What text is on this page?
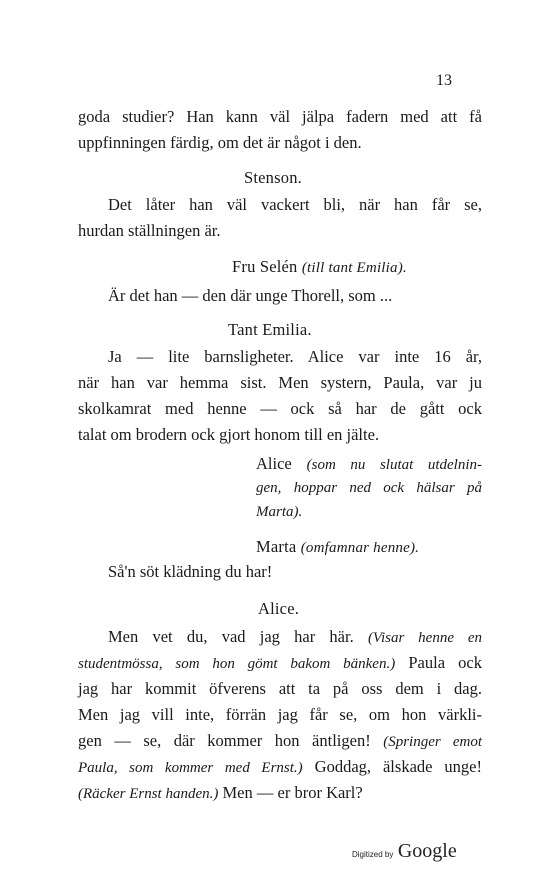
13

goda studier? Han kann väl jälpa fadern med att få

uppfinningen färdig, om det är något i den.

Stenson.

Det låter han väl vackert bli, när han får se,

hurdan ställningen är.

Fru Selén (till tant Emilia).

Är det han — den där unge Thorell, som ...

Tant Emilia.

Ja — lite barnsligheter. Alice var inte 16 år,

när han var hemma sist. Men systern, Paula, var ju

skolkamrat med henne — ock så har de gått ock

talat om brodern ock gjort honom till en jälte.

Alice (som nu slutat utdelnin-

gen, hoppar ned ock hälsar på

Marta).

Marta (omfamnar henne).

Så'n söt klädning du har!

Alice.

Men vet du, vad jag har här. (Visar henne en

studentmössa, som hon gömt bakom bänken.) Paula ock

jag har kommit öfverens att ta på oss dem i dag.

Men jag vill inte, förrän jag får se, om hon värkli-

gen — se, där kommer hon äntligen! (Springer emot

Paula, som kommer med Ernst.) Goddag, älskade unge!

(Räcker Ernst handen.) Men — er bror Karl?

Digitized by Google
